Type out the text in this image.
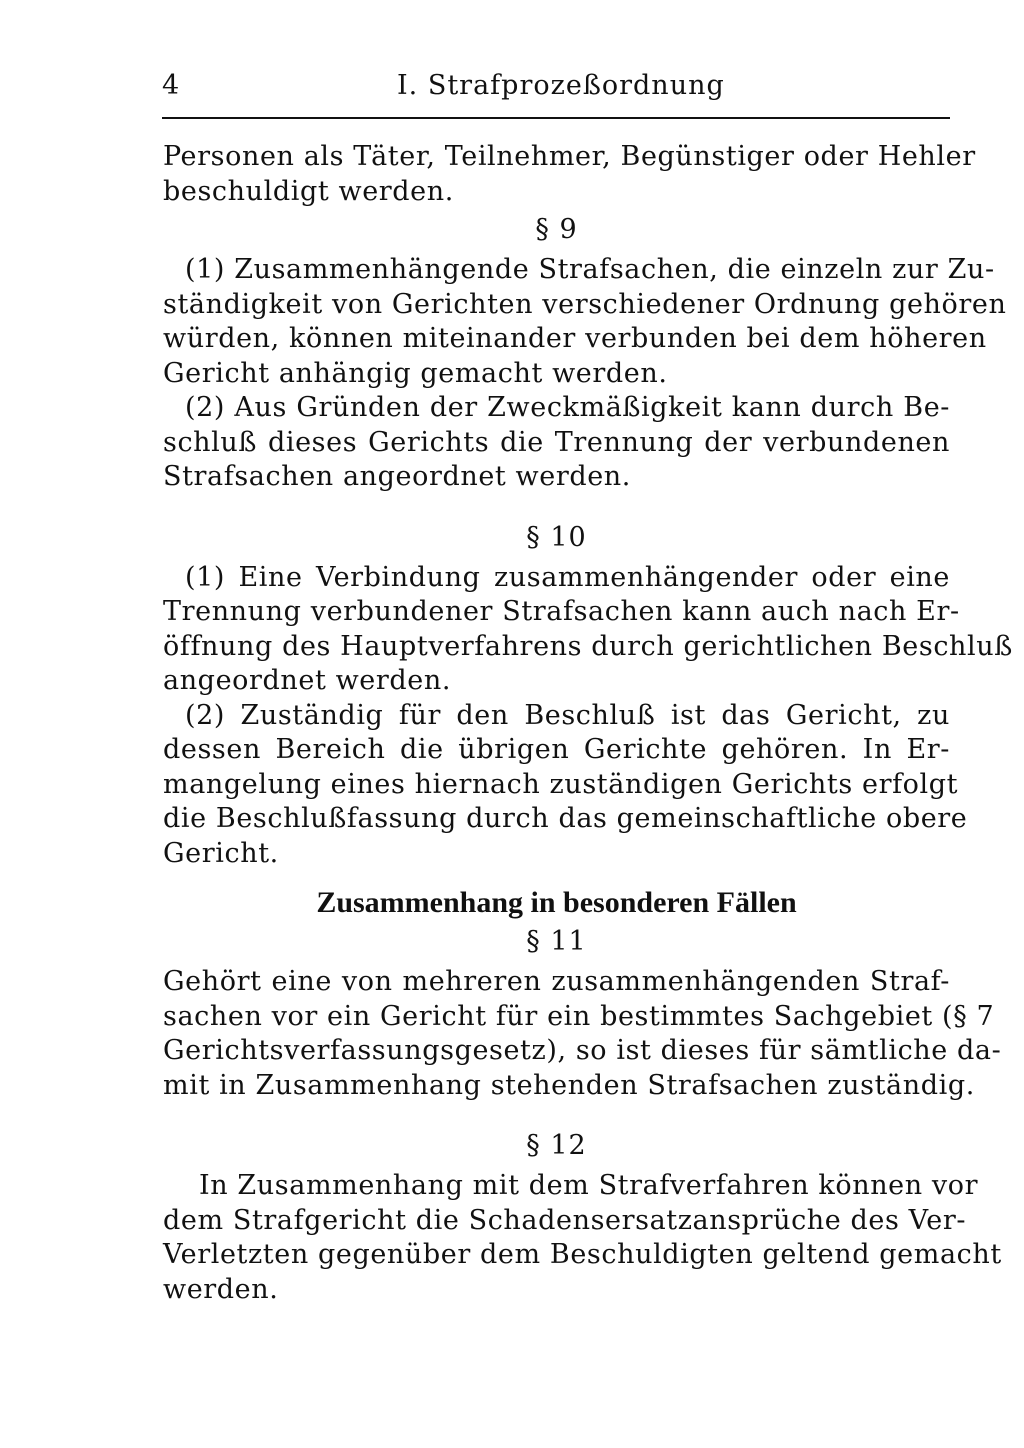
4	I. Strafprozeßordnung
Personen als Täter, Teilnehmer, Begünstiger oder Hehler
beschuldigt werden.
§ 9
(1) Zusammenhängende Strafsachen, die einzeln zur Zu-
ständigkeit von Gerichten verschiedener Ordnung gehören
würden, können miteinander verbunden bei dem höheren
Gericht anhängig gemacht werden.
(2) Aus Gründen der Zweckmäßigkeit kann durch Be-
schluß dieses Gerichts die Trennung der verbundenen
Strafsachen angeordnet werden.
§ 10
(1) Eine Verbindung zusammenhängender oder eine
Trennung verbundener Strafsachen kann auch nach Er-
öffnung des Hauptverfahrens durch gerichtlichen Beschluß
angeordnet werden.
(2) Zuständig für den Beschluß ist das Gericht, zu
dessen Bereich die übrigen Gerichte gehören. In Er-
mangelung eines hiernach zuständigen Gerichts erfolgt
die Beschlußfassung durch das gemeinschaftliche obere
Gericht.
Zusammenhang in besonderen Fällen
§ 11
Gehört eine von mehreren zusammenhängenden Straf-
sachen vor ein Gericht für ein bestimmtes Sachgebiet (§ 7
Gerichtsverfassungsgesetz), so ist dieses für sämtliche da-
mit in Zusammenhang stehenden Strafsachen zuständig.
§ 12
In Zusammenhang mit dem Strafverfahren können vor
dem Strafgericht die Schadensersatzansprüche des Ver-
Verletzten gegenüber dem Beschuldigten geltend gemacht
werden.
